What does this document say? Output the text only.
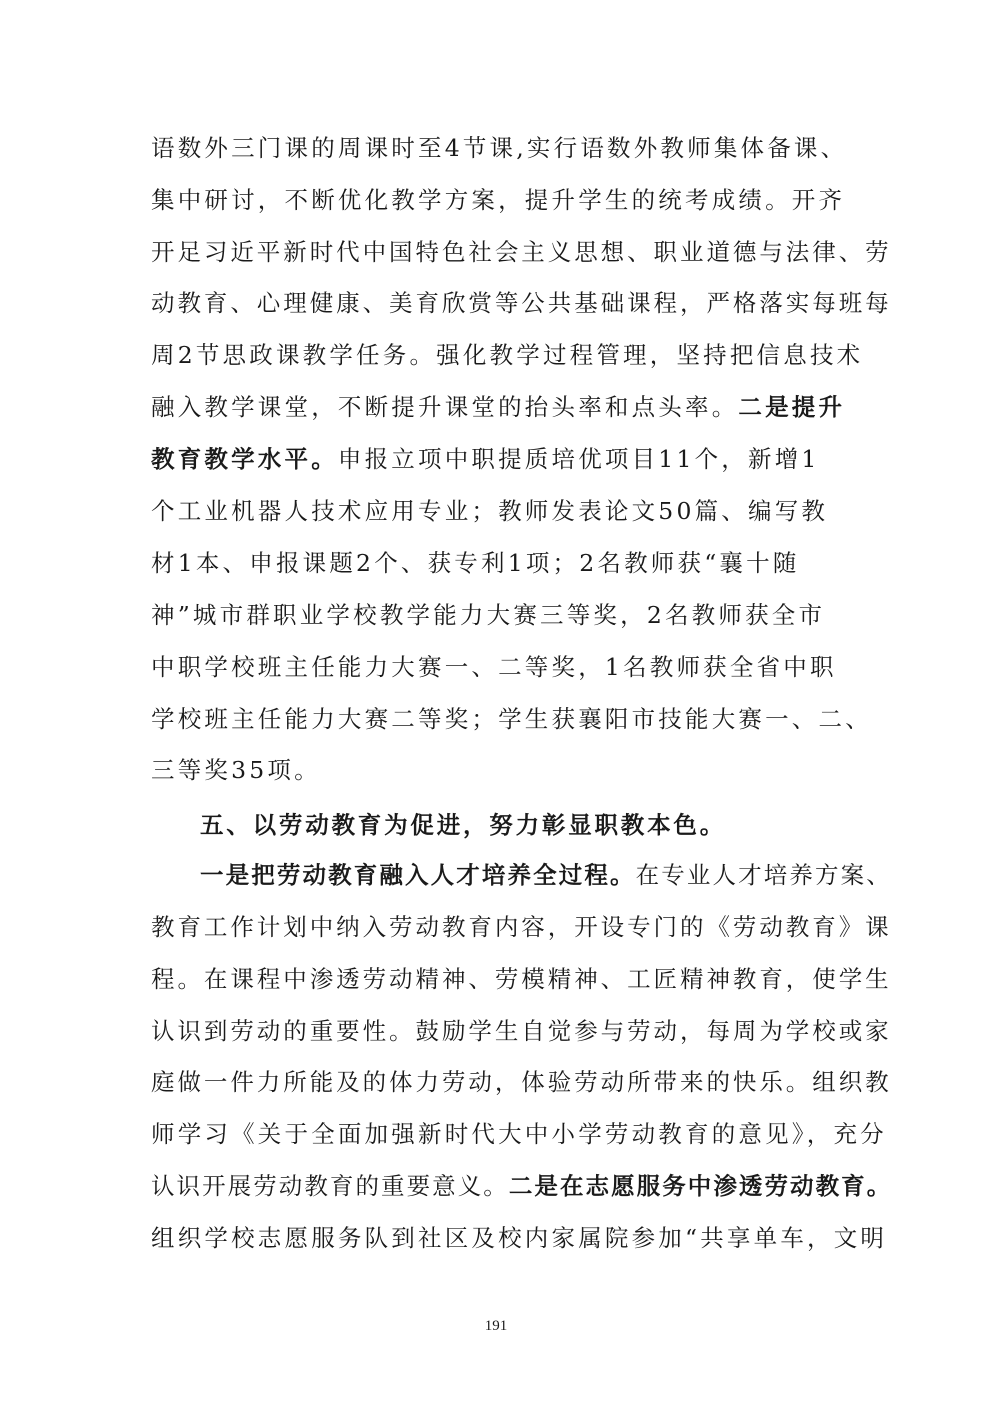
语数外三门课的周课时至4节课,实行语数外教师集体备课、
集中研讨，不断优化教学方案，提升学生的统考成绩。开齐
开足习近平新时代中国特色社会主义思想、职业道德与法律、劳
动教育、心理健康、美育欣赏等公共基础课程，严格落实每班每
周2节思政课教学任务。强化教学过程管理，坚持把信息技术
融入教学课堂，不断提升课堂的抬头率和点头率。二是提升
教育教学水平。申报立项中职提质培优项目11个，新增1
个工业机器人技术应用专业；教师发表论文50篇、编写教
材1本、申报课题2个、获专利1项；2名教师获“襄十随
神”城市群职业学校教学能力大赛三等奖，2名教师获全市
中职学校班主任能力大赛一、二等奖，1名教师获全省中职
学校班主任能力大赛二等奖；学生获襄阳市技能大赛一、二、
三等奖35项。
五、以劳动教育为促进，努力彰显职教本色。
一是把劳动教育融入人才培养全过程。在专业人才培养方案、
教育工作计划中纳入劳动教育内容，开设专门的《劳动教育》课
程。在课程中渗透劳动精神、劳模精神、工匠精神教育，使学生
认识到劳动的重要性。鼓励学生自觉参与劳动，每周为学校或家
庭做一件力所能及的体力劳动，体验劳动所带来的快乐。组织教
师学习《关于全面加强新时代大中小学劳动教育的意见》，充分
认识开展劳动教育的重要意义。二是在志愿服务中渗透劳动教育。
组织学校志愿服务队到社区及校内家属院参加“共享单车，文明
191
